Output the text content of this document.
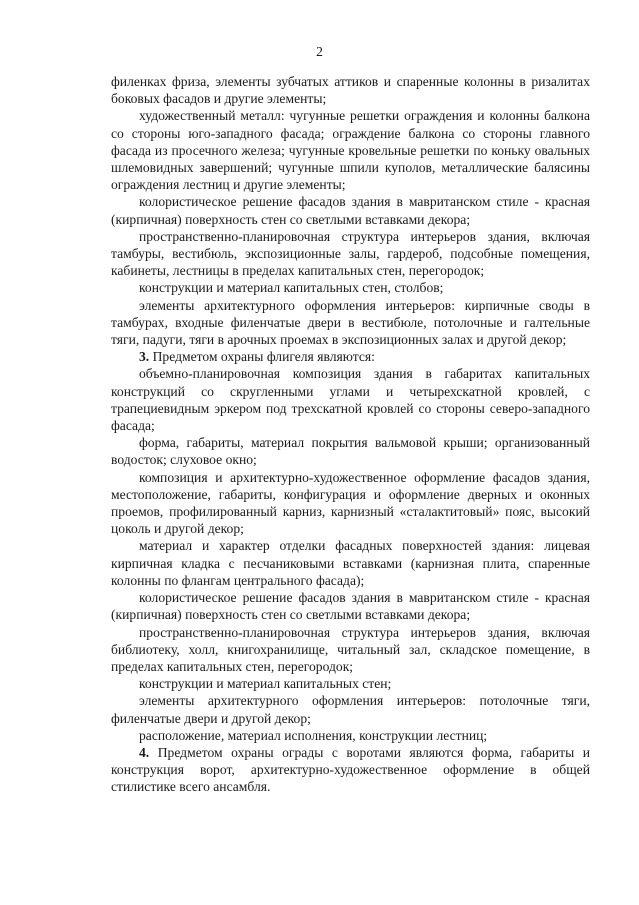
2

филенках фриза, элементы зубчатых аттиков и спаренные колонны в ризалитах боковых фасадов и другие элементы;

художественный металл: чугунные решетки ограждения и колонны балкона со стороны юго-западного фасада; ограждение балкона со стороны главного фасада из просечного железа; чугунные кровельные решетки по коньку овальных шлемовидных завершений; чугунные шпили куполов, металлические балясины ограждения лестниц и другие элементы;

колористическое решение фасадов здания в мавританском стиле - красная (кирпичная) поверхность стен со светлыми вставками декора;

пространственно-планировочная структура интерьеров здания, включая тамбуры, вестибюль, экспозиционные залы, гардероб, подсобные помещения, кабинеты, лестницы в пределах капитальных стен, перегородок;

конструкции и материал капитальных стен, столбов;

элементы архитектурного оформления интерьеров: кирпичные своды в тамбурах, входные филенчатые двери в вестибюле, потолочные и галтельные тяги, падуги, тяги в арочных проемах в экспозиционных залах и другой декор;

3. Предметом охраны флигеля являются:

объемно-планировочная композиция здания в габаритах капитальных конструкций со скругленными углами и четырехскатной кровлей, с трапециевидным эркером под трехскатной кровлей со стороны северо-западного фасада;

форма, габариты, материал покрытия вальмовой крыши; организованный водосток; слуховое окно;

композиция и архитектурно-художественное оформление фасадов здания, местоположение, габариты, конфигурация и оформление дверных и оконных проемов, профилированный карниз, карнизный «сталактитовый» пояс, высокий цоколь и другой декор;

материал и характер отделки фасадных поверхностей здания: лицевая кирпичная кладка с песчаниковыми вставками (карнизная плита, спаренные колонны по флангам центрального фасада);

колористическое решение фасадов здания в мавританском стиле - красная (кирпичная) поверхность стен со светлыми вставками декора;

пространственно-планировочная структура интерьеров здания, включая библиотеку, холл, книгохранилище, читальный зал, складское помещение, в пределах капитальных стен, перегородок;

конструкции и материал капитальных стен;

элементы архитектурного оформления интерьеров: потолочные тяги, филенчатые двери и другой декор;

расположение, материал исполнения, конструкции лестниц;

4. Предметом охраны ограды с воротами являются форма, габариты и конструкция ворот, архитектурно-художественное оформление в общей стилистике всего ансамбля.
